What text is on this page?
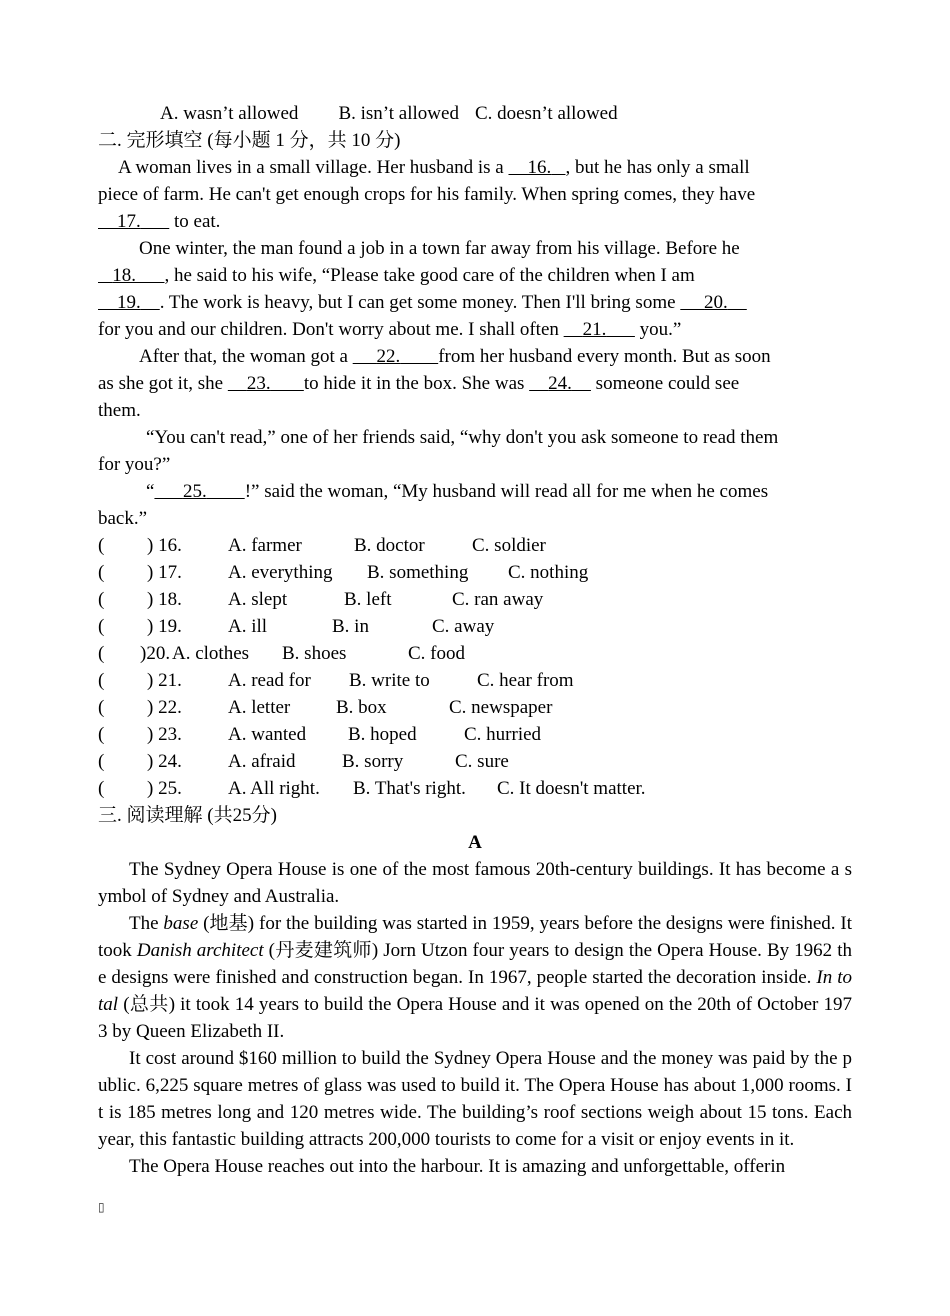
A. wasn’t allowed B. isn’t allowed C. doesn’t allowed
二. 完形填空 (每小题 1 分，共 10 分)
A woman lives in a small village. Her husband is a     16. , but he has only a small
piece of farm. He can't get enough crops for his family. When spring comes, they have
17.       to eat.
One winter, the man found a job in a town far away from his village. Before he
18. , he said to his wife, “Please take good care of the children when I am
19. . The work is heavy, but I can get some money. Then I'll bring some      20.
for you and our children. Don't worry about me. I shall often     21.       you.”
After that, the woman got a      22. from her husband every month. But as soon
as she got it, she     23. to hide it in the box. She was     24.     someone could see
them.
“You can't read,” one of her friends said, “why don't you ask someone to read them
for you?”
“ 25. !” said the woman, “My husband will read all for me when he comes
back.”
(	) 16.	A. farmer	B. doctor	C. soldier
(	) 17.	A. everything	B. something	C. nothing
(	) 18.	A. slept	B. left	C. ran away
(	) 19.	A. ill	B. in	C. away
(	)20. A. clothes	B. shoes	C. food
(	) 21.	A. read for	B. write to	C. hear from
(	) 22.	A. letter	B. box	C. newspaper
(	) 23.	A. wanted	B. hoped	C. hurried
(	) 24.	A. afraid	B. sorry	C. sure
(	) 25.	A. All right.	B. That's right.	C. It doesn't matter.
三. 阅读理解 (共25分)
A
The Sydney Opera House is one of the most famous 20th-century buildings. It has become a symbol of Sydney and Australia.
The base (地基) for the building was started in 1959, years before the designs were finished. It took Danish architect (丹麦建筑师) Jorn Utzon four years to design the Opera House. By 1962 the designs were finished and construction began. In 1967, people started the decoration inside. In total (总共) it took 14 years to build the Opera House and it was opened on the 20th of October 1973 by Queen Elizabeth II.
It cost around $160 million to build the Sydney Opera House and the money was paid by the public. 6,225 square metres of glass was used to build it. The Opera House has about 1,000 rooms. It is 185 metres long and 120 metres wide. The building’s roof sections weigh about 15 tons. Each year, this fantastic building attracts 200,000 tourists to come for a visit or enjoy events in it.
The Opera House reaches out into the harbour. It is amazing and unforgettable, offerin
▯
